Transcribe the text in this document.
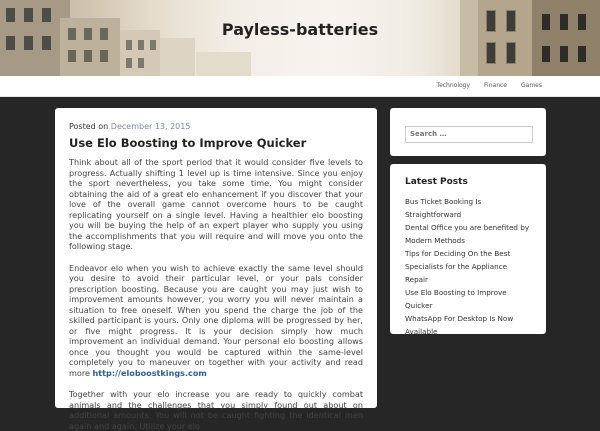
Payless-batteries
Technology Finance Games
Posted on December 13, 2015
Use Elo Boosting to Improve Quicker

Think about all of the sport period that it would consider five levels to progress. Actually shifting 1 level up is time intensive. Since you enjoy the sport nevertheless, you take some time. You might consider obtaining the aid of a great elo enhancement if you discover that your love of the overall game cannot overcome hours to be caught replicating yourself on a single level. Having a healthier elo boosting you will be buying the help of an expert player who supply you using the accomplishments that you will require and will move you onto the following stage.

Endeavor elo when you wish to achieve exactly the same level should you desire to avoid their particular level, or your pals consider prescription boosting. Because you are caught you may just wish to improvement amounts however, you worry you will never maintain a situation to free oneself. When you spend the charge the job of the skilled participant is yours. Only one diploma will be progressed by her, or five might progress. It is your decision simply how much improvement an individual demand. Your personal elo boosting allows once you thought you would be captured within the same-level completely you to maneuver on together with your activity and read more http://eloboostkings.com

Together with your elo increase you are ready to quickly combat animals and the challenges that you simply found out about on additional amounts. You will not be caught fighting the identical men again and again. Utilize your elo

Search …
Latest Posts
Bus Ticket Booking Is Straightforward
Dental Office you are benefited by Modern Methods
Tips for Deciding On the Best Specialists for the Appliance Repair
Use Elo Boosting to Improve Quicker
WhatsApp For Desktop Is Now Available
